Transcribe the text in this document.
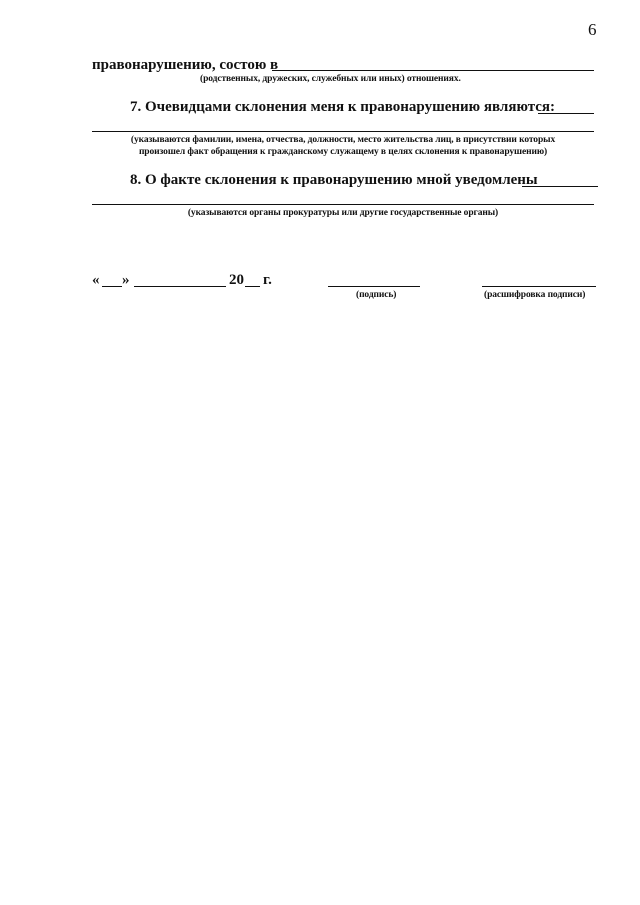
6
правонарушению, состою в
(родственных, дружеских, служебных или иных) отношениях.
7. Очевидцами склонения меня к правонарушению являются:
(указываются фамилии, имена, отчества, должности, место жительства лиц, в присутствии которых
произошел факт обращения к гражданскому служащему в целях склонения к правонарушению)
8. О факте склонения к правонарушению мной уведомлены
(указываются органы прокуратуры или другие государственные органы)
« »	20 г.
(подпись)	(расшифровка подписи)
